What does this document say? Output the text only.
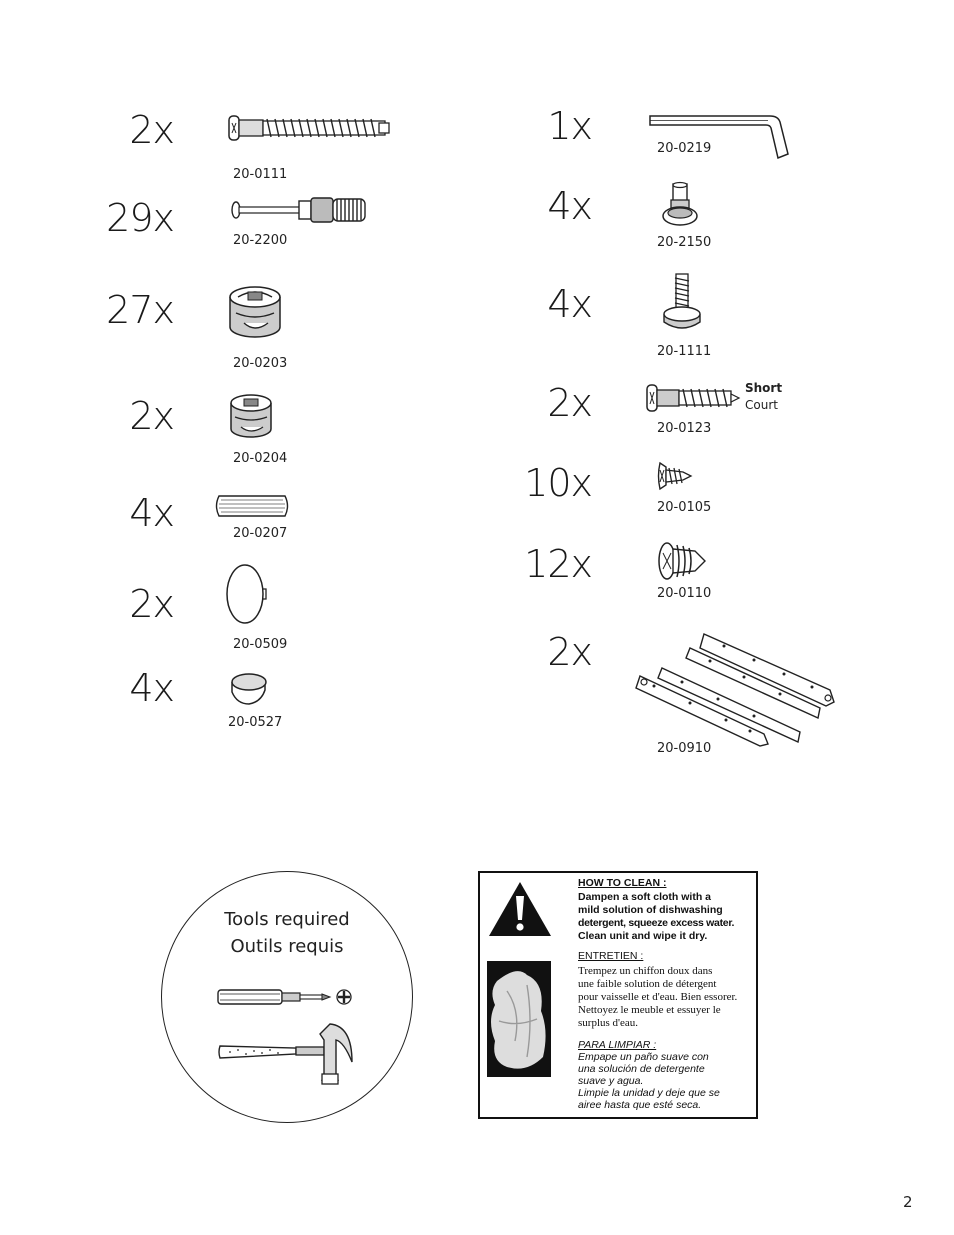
2x
20-0111
29x
20-2200
27x
20-0203
2x
20-0204
4x	20-0207
2x
20-0509
4x
20-0527
1x
20-0219
4x
20-2150
4x
20-1111
2x	Short
Court
20-0123
10x
20-0105
12x
20-0110
2x
20-0910
Tools required
Outils requis
HOW TO CLEAN :
Dampen a soft cloth with a
mild solution of dishwashing
detergent, squeeze excess water.
Clean unit and wipe it dry.
ENTRETIEN :
Trempez un chiffon doux dans
une faible solution de détergent
pour vaisselle et d'eau. Bien essorer.
Nettoyez le meuble et essuyer le
surplus d'eau.
PARA LIMPIAR :
Empape un paño suave con
una solución de detergente
suave y agua.
Limpie la unidad y deje que se
airee hasta que esté seca.
2
